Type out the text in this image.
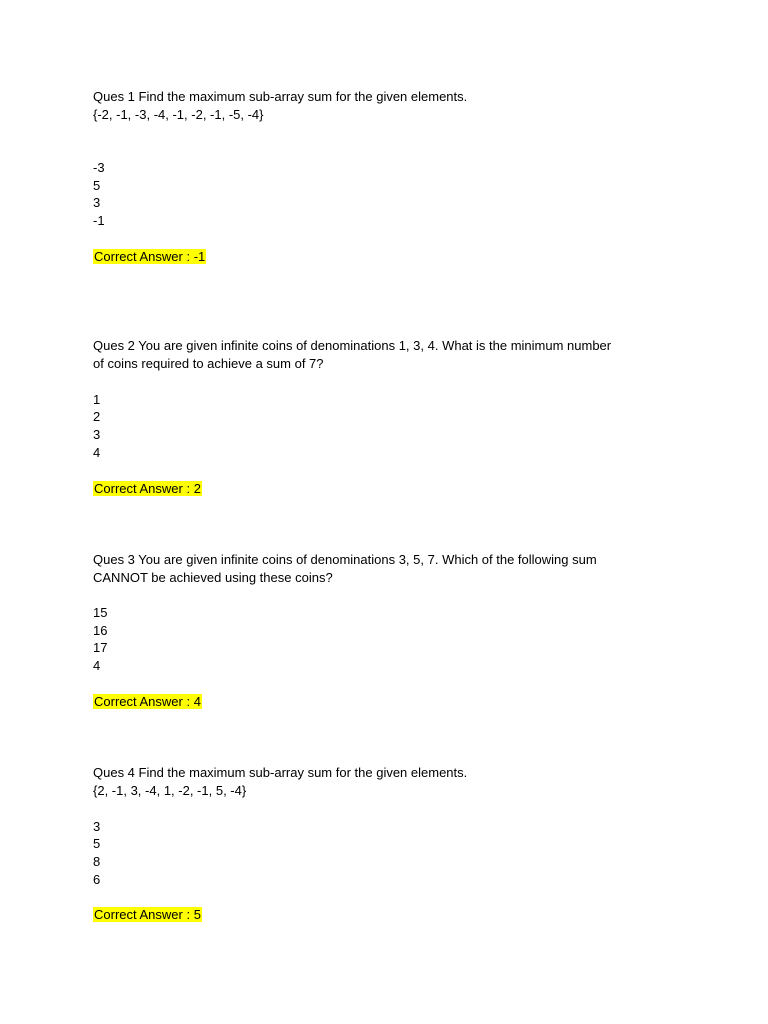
Ques 1 Find the maximum sub-array sum for the given elements.
{-2, -1, -3, -4, -1, -2, -1, -5, -4}
-3
5
3
-1
Correct Answer : -1
Ques 2 You are given infinite coins of denominations 1, 3, 4. What is the minimum number
of coins required to achieve a sum of 7?
1
2
3
4
Correct Answer : 2
Ques 3 You are given infinite coins of denominations 3, 5, 7. Which of the following sum
CANNOT be achieved using these coins?
15
16
17
4
Correct Answer : 4
Ques 4 Find the maximum sub-array sum for the given elements.
{2, -1, 3, -4, 1, -2, -1, 5, -4}
3
5
8
6
Correct Answer : 5
